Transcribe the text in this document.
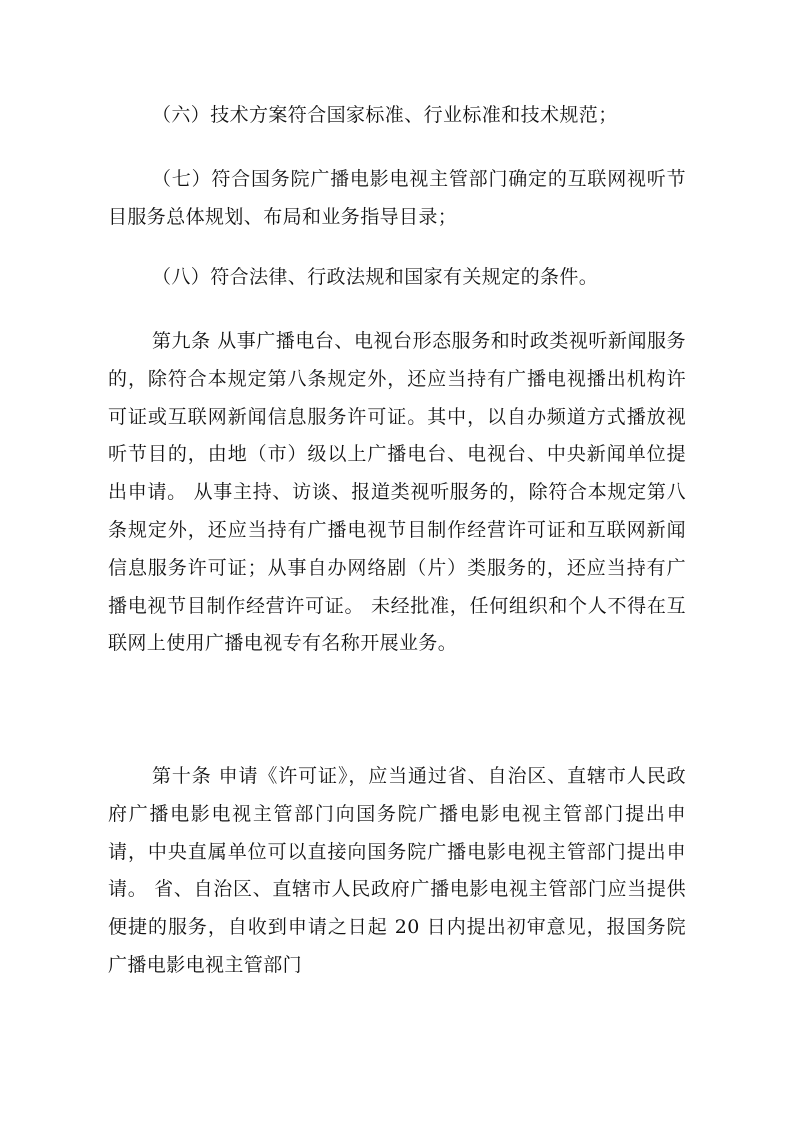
（六）技术方案符合国家标准、行业标准和技术规范；

（七）符合国务院广播电影电视主管部门确定的互联网视听节目服务总体规划、布局和业务指导目录；

（八）符合法律、行政法规和国家有关规定的条件。

第九条 从事广播电台、电视台形态服务和时政类视听新闻服务的，除符合本规定第八条规定外，还应当持有广播电视播出机构许可证或互联网新闻信息服务许可证。其中，以自办频道方式播放视听节目的，由地（市）级以上广播电台、电视台、中央新闻单位提出申请。 从事主持、访谈、报道类视听服务的，除符合本规定第八条规定外，还应当持有广播电视节目制作经营许可证和互联网新闻信息服务许可证；从事自办网络剧（片）类服务的，还应当持有广播电视节目制作经营许可证。 未经批准，任何组织和个人不得在互联网上使用广播电视专有名称开展业务。

第十条 申请《许可证》，应当通过省、自治区、直辖市人民政府广播电影电视主管部门向国务院广播电影电视主管部门提出申请，中央直属单位可以直接向国务院广播电影电视主管部门提出申请。 省、自治区、直辖市人民政府广播电影电视主管部门应当提供便捷的服务，自收到申请之日起 20 日内提出初审意见，报国务院广播电影电视主管部门
